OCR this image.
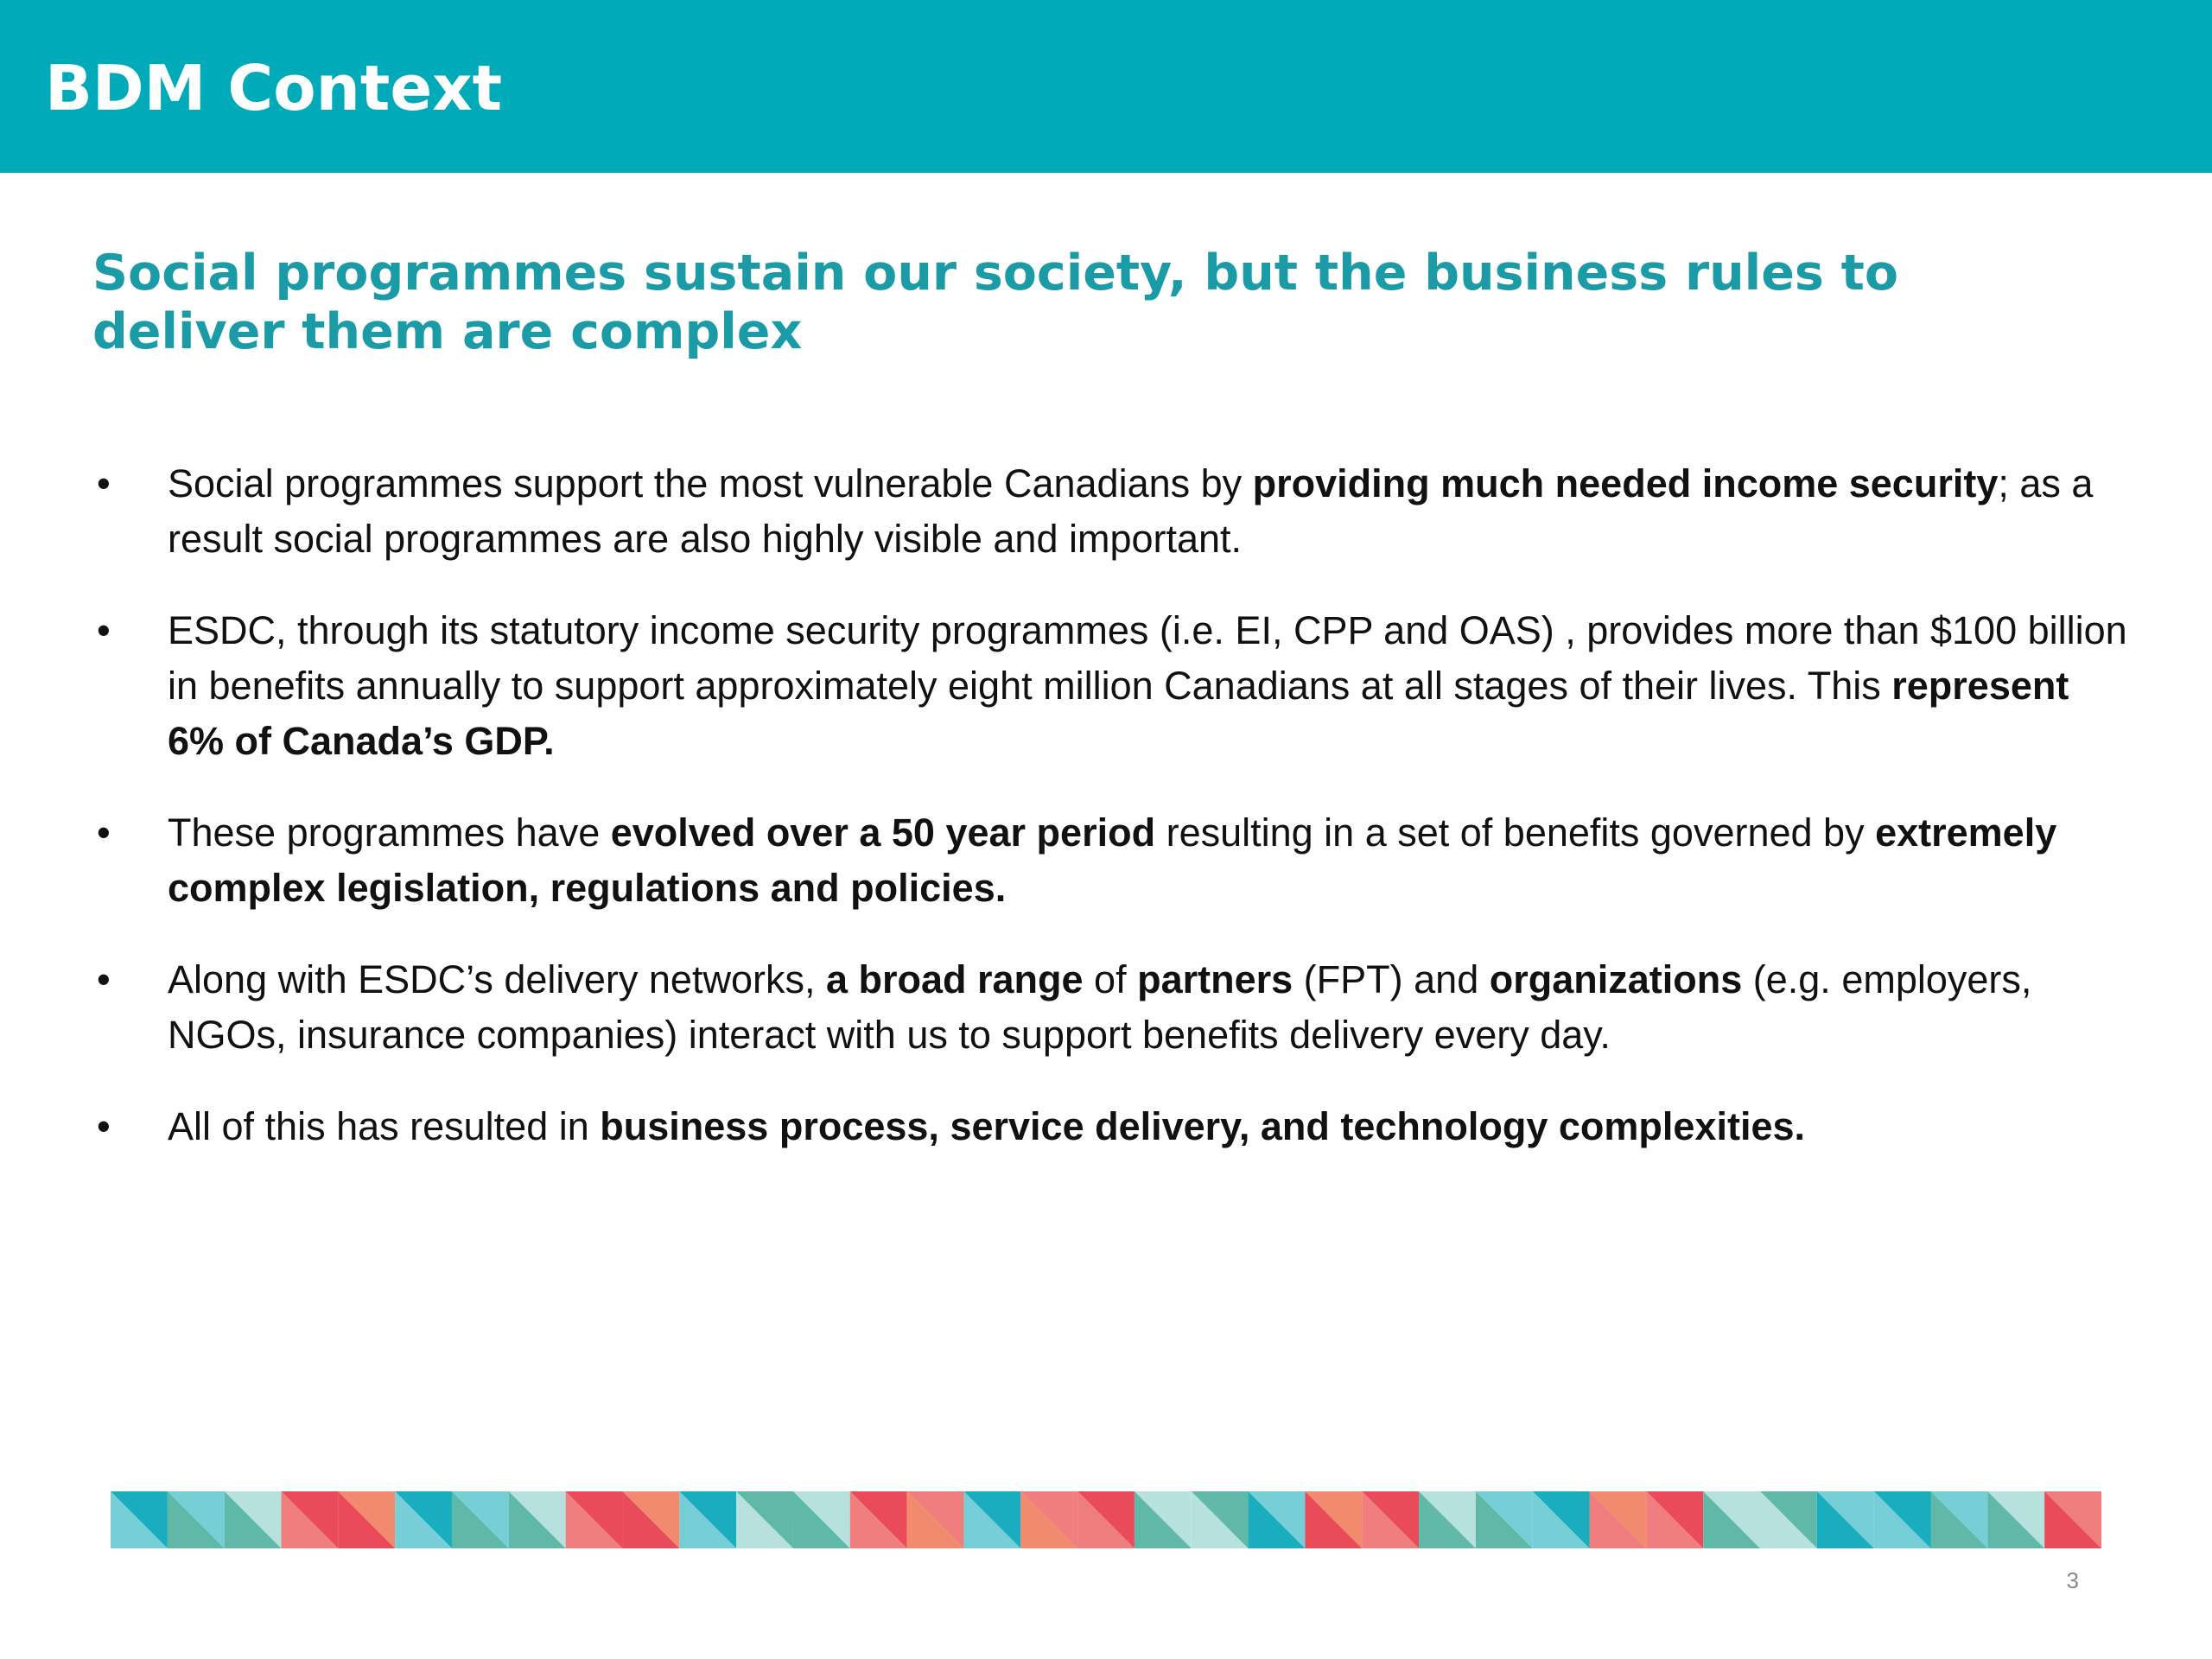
BDM Context
Social programmes sustain our society, but the business rules to deliver them are complex
•	Social programmes support the most vulnerable Canadians by providing much needed income security; as a result social programmes are also highly visible and important.
•	ESDC, through its statutory income security programmes (i.e. EI, CPP and OAS) , provides more than $100 billion in benefits annually to support approximately eight million Canadians at all stages of their lives. This represent 6% of Canada’s GDP.
•	These programmes have evolved over a 50 year period resulting in a set of benefits governed by extremely complex legislation, regulations and policies.
•	Along with ESDC’s delivery networks, a broad range of partners (FPT) and organizations (e.g. employers, NGOs, insurance companies) interact with us to support benefits delivery every day.
•	All of this has resulted in business process, service delivery, and technology complexities.
3
